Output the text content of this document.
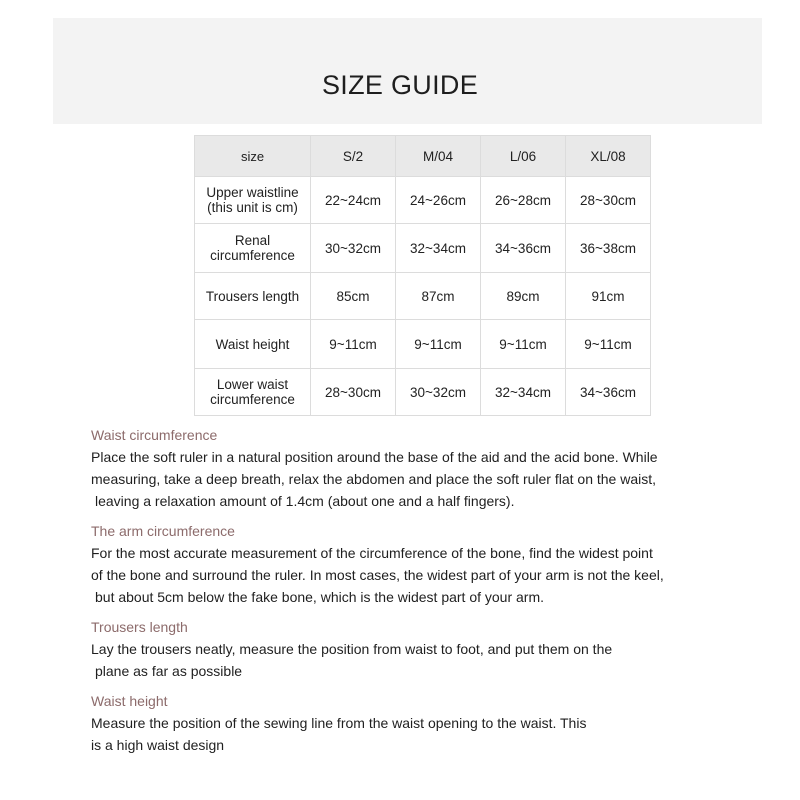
SIZE GUIDE
size	S/2	M/04	L/06	XL/08

Upper waistline
(this unit is cm)	22~24cm	24~26cm	26~28cm	28~30cm

Renal
circumference	30~32cm	32~34cm	34~36cm	36~38cm

Trousers length	85cm	87cm	89cm	91cm

Waist height	9~11cm	9~11cm	9~11cm	9~11cm

Lower waist
circumference	28~30cm	30~32cm	32~34cm	34~36cm
Waist circumference
Place the soft ruler in a natural position around the base of the aid and the acid bone. While
measuring, take a deep breath, relax the abdomen and place the soft ruler flat on the waist,
leaving a relaxation amount of 1.4cm (about one and a half fingers).
The arm circumference
For the most accurate measurement of the circumference of the bone, find the widest point
of the bone and surround the ruler. In most cases, the widest part of your arm is not the keel,
but about 5cm below the fake bone, which is the widest part of your arm.
Trousers length
Lay the trousers neatly, measure the position from waist to foot, and put them on the
plane as far as possible
Waist height
Measure the position of the sewing line from the waist opening to the waist. This
is a high waist design
